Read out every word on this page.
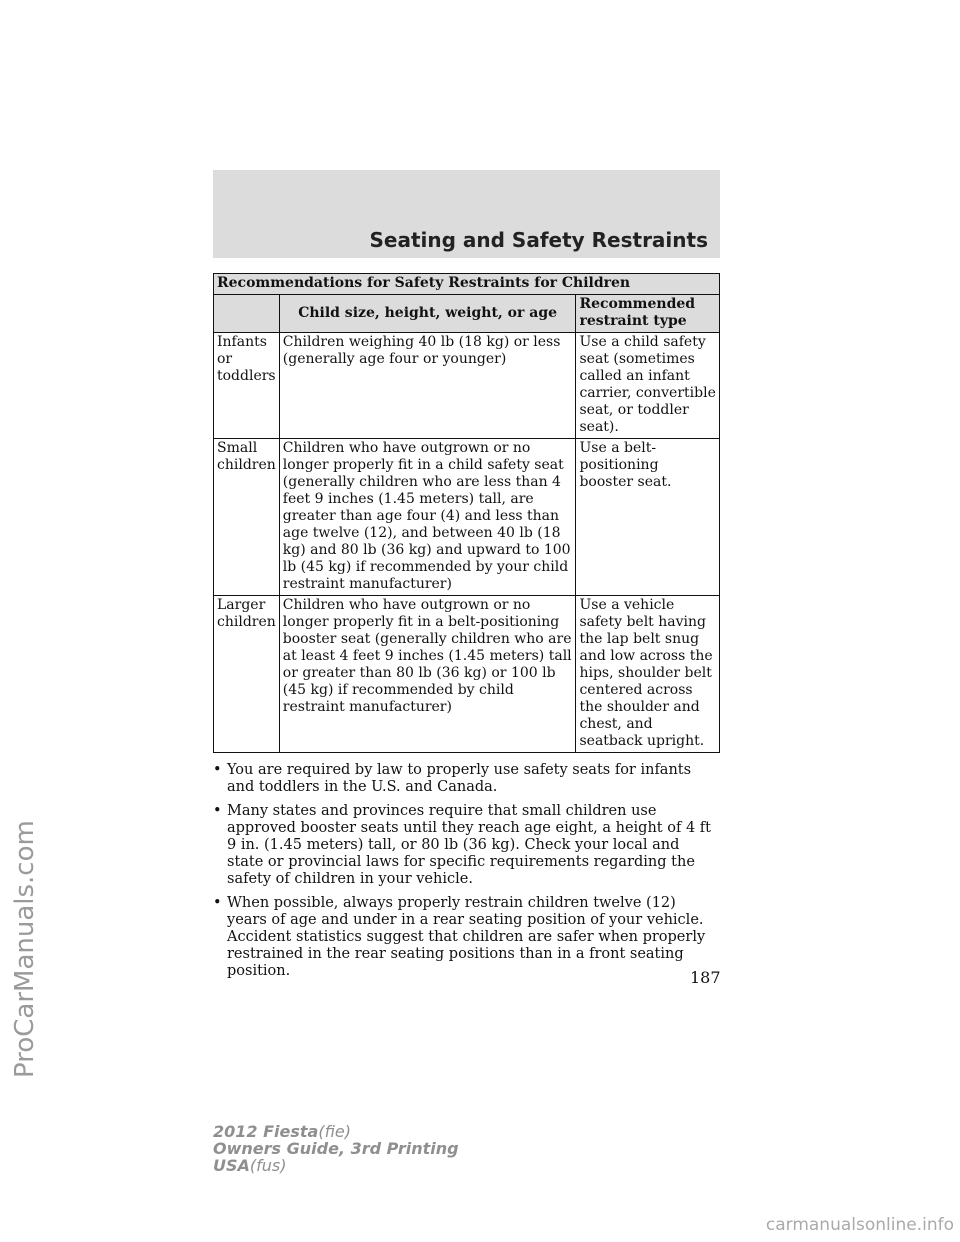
Seating and Safety Restraints
ProCarManuals.com
Recommendations for Safety Restraints for Children		
	Child size, height, weight, or age	Recommended restraint type
Infants or toddlers	Children weighing 40 lb (18 kg) or less (generally age four or younger)	Use a child safety seat (sometimes called an infant carrier, convertible seat, or toddler seat).
Small children	Children who have outgrown or no longer properly fit in a child safety seat (generally children who are less than 4 feet 9 inches (1.45 meters) tall, are greater than age four (4) and less than age twelve (12), and between 40 lb (18 kg) and 80 lb (36 kg) and upward to 100 lb (45 kg) if recommended by your child restraint manufacturer)	Use a belt-positioning booster seat.
Larger children	Children who have outgrown or no longer properly fit in a belt-positioning booster seat (generally children who are at least 4 feet 9 inches (1.45 meters) tall or greater than 80 lb (36 kg) or 100 lb (45 kg) if recommended by child restraint manufacturer)	Use a vehicle safety belt having the lap belt snug and low across the hips, shoulder belt centered across the shoulder and chest, and seatback upright.
• You are required by law to properly use safety seats for infants and toddlers in the U.S. and Canada.
• Many states and provinces require that small children use approved booster seats until they reach age eight, a height of 4 ft 9 in. (1.45 meters) tall, or 80 lb (36 kg). Check your local and state or provincial laws for specific requirements regarding the safety of children in your vehicle.
• When possible, always properly restrain children twelve (12) years of age and under in a rear seating position of your vehicle. Accident statistics suggest that children are safer when properly restrained in the rear seating positions than in a front seating position.	187
2012 Fiesta(fie)
Owners Guide, 3rd Printing
USA(fus)
carmanualsonline.info
